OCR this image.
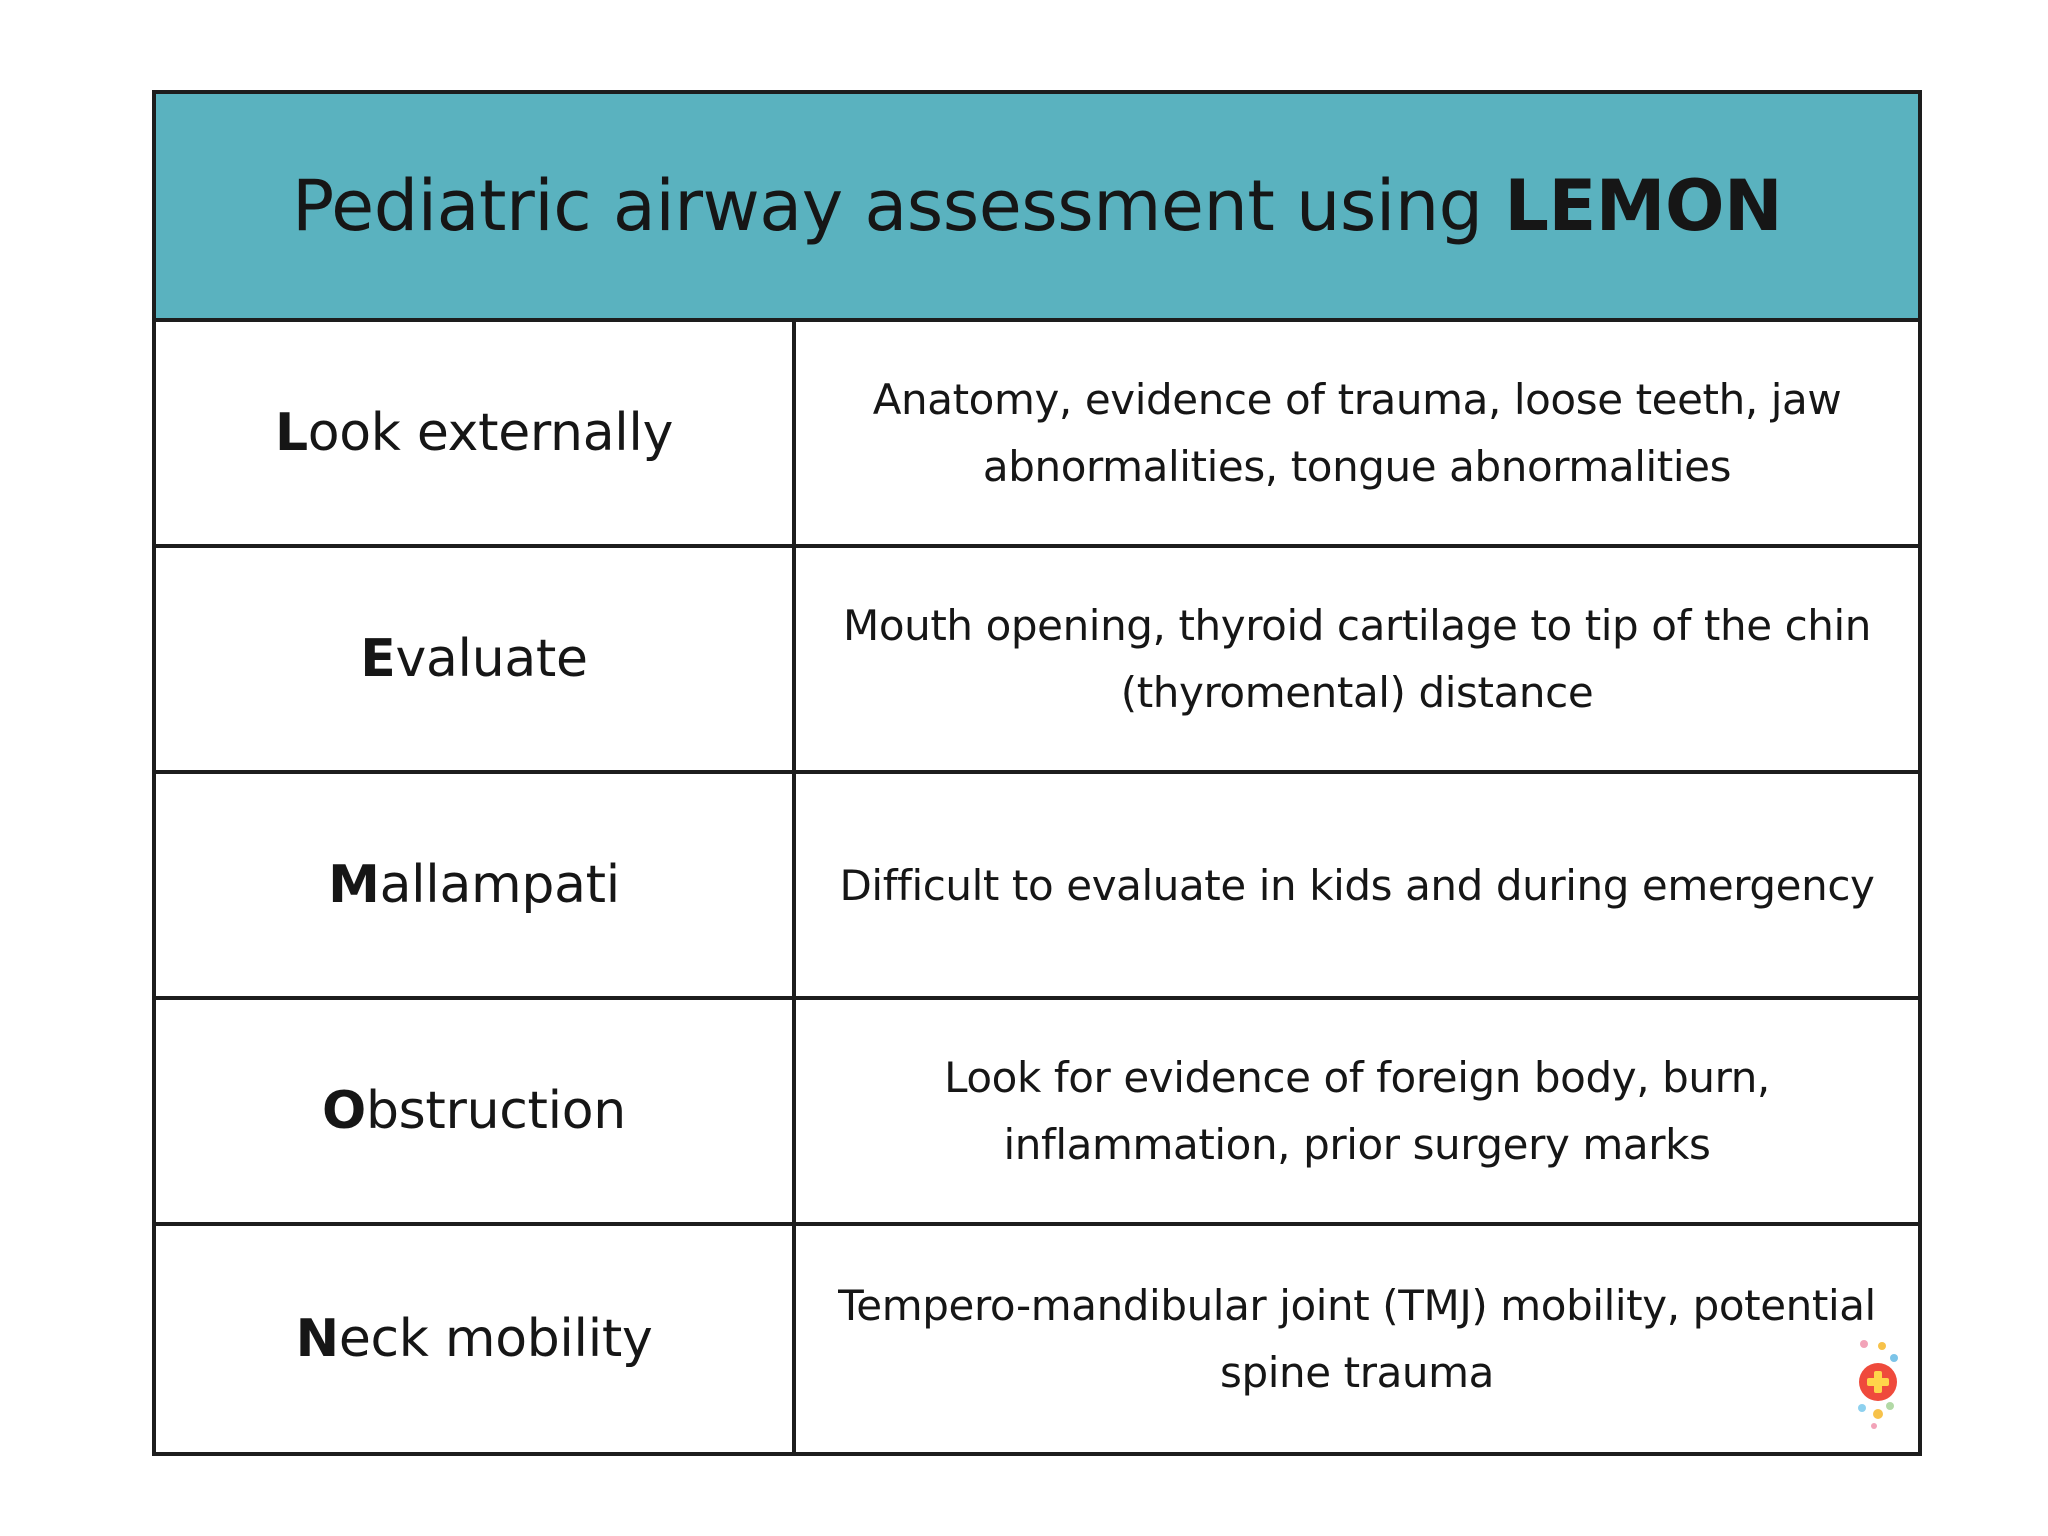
Pediatric airway assessment using LEMON
L ook externally
Anatomy, evidence of trauma, loose teeth, jaw abnormalities, tongue abnormalities
E valuate
Mouth opening, thyroid cartilage to tip of the chin (thyromental) distance
M allampati	Difficult to evaluate in kids and during emergency
O bstruction
Look for evidence of foreign body, burn, inflammation, prior surgery marks
N eck mobility
Tempero-mandibular joint (TMJ) mobility, potential spine trauma
